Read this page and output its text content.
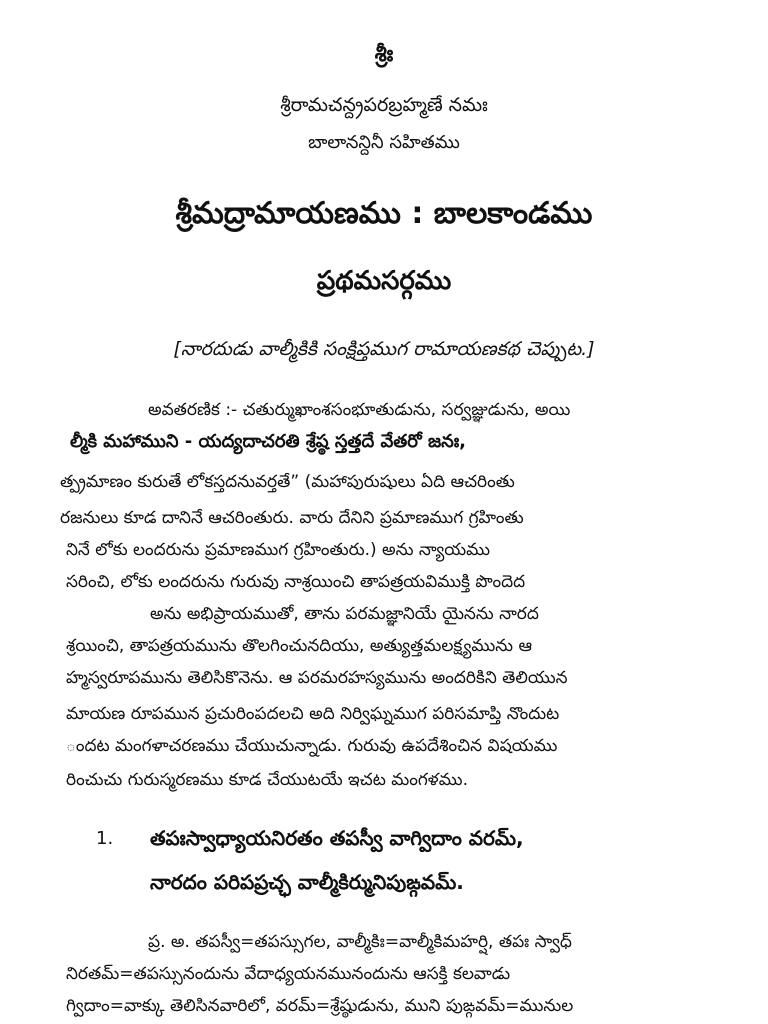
శ్రీః
శ్రీరామచన్ద్రపరబ్రహ్మణే నమః
బాలానన్దినీ సహితము
శ్రీమద్రామాయణము : బాలకాండము
ప్రథమసర్గము
[నారదుడు వాల్మీకికి సంక్షిప్తముగ రామాయణకథ చెప్పుట.]
అవతరణిక :- చతుర్ముఖాంశసంభూతుడును, సర్వజ్ఞుడును, అయి
ల్మీకి మహాముని - యద్యదాచరతి శ్రేష్ఠ స్తత్తదే వేతరో జనః,
త్ప్రమాణం కురుతే లోకస్తదనువర్తతే” (మహాపురుషులు ఏది ఆచరింతు
రజనులు కూడ దానినే ఆచరింతురు. వారు దేనిని ప్రమాణముగ గ్రహింతు
నినే లోకు లందరును ప్రమాణముగ గ్రహింతురు.) అను న్యాయము
సరించి, లోకు లందరును గురువు నాశ్రయించి తాపత్రయవిముక్తి పొందెద
అను అభిప్రాయముతో, తాను పరమజ్ఞానియే యైనను నారద
శ్రయించి, తాపత్రయమును తొలగించునదియు, అత్యుత్తమలక్ష్యమును ఆ
హ్మస్వరూపమును తెలిసికొనెను. ఆ పరమరహస్యమును అందరికిని తెలియున
మాయణ రూపమున ప్రచురింపదలచి అది నిర్విఘ్నముగ పరిసమాప్తి నొందుట
ందట మంగళాచరణము చేయుచున్నాడు. గురువు ఉపదేశించిన విషయము
రించుచు గురుస్మరణము కూడ చేయుటయే ఇచట మంగళము.
1. తపఃస్వాధ్యాయనిరతం తపస్వీ వాగ్విదాం వరమ్,
నారదం పరిపప్రచ్ఛ వాల్మీకిర్మునిపుఙ్గవమ్.
ప్ర. అ. తపస్వీ=తపస్సుగల, వాల్మీకిః=వాల్మీకిమహర్షి, తపః స్వాధ్
నిరతమ్=తపస్సునందును వేదాధ్యయనమునందును ఆసక్తి కలవాడు
గ్విదాం=వాక్కు తెలిసినవారిలో, వరమ్=శ్రేష్ఠుడును, ముని పుఙ్గవమ్=మునుల
